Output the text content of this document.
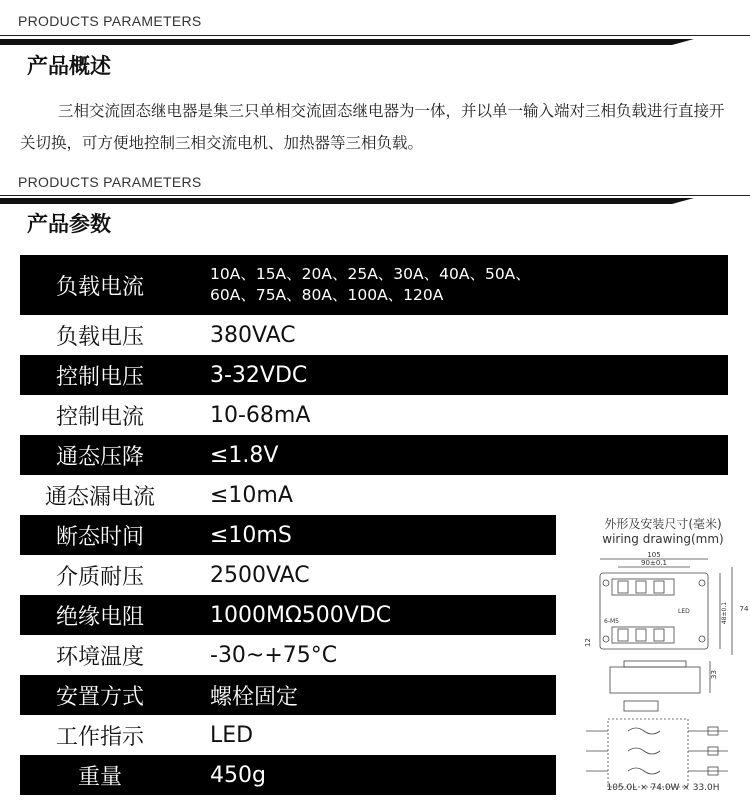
PRODUCTS PARAMETERS
产品概述
三相交流固态继电器是集三只单相交流固态继电器为一体，并以单一输入端对三相负载进行直接开关切换，可方便地控制三相交流电机、加热器等三相负载。
PRODUCTS PARAMETERS
产品参数
负载电流
10A、15A、20A、25A、30A、40A、50A、
60A、75A、80A、100A、120A
负载电压	380VAC
控制电压	3-32VDC
控制电流	10-68mA
通态压降	≤1.8V
通态漏电流	≤10mA
断态时间	≤10mS
介质耐压	2500VAC
绝缘电阻	1000MΩ500VDC
环境温度	-30~+75°C
安置方式	螺栓固定
工作指示	LED
重量	450g
外形及安装尺寸(毫米)
wiring drawing(mm)
105
90±0.1
74
48±0.1
LED
6-M5
12
33
105.0L × 74.0W × 33.0H
